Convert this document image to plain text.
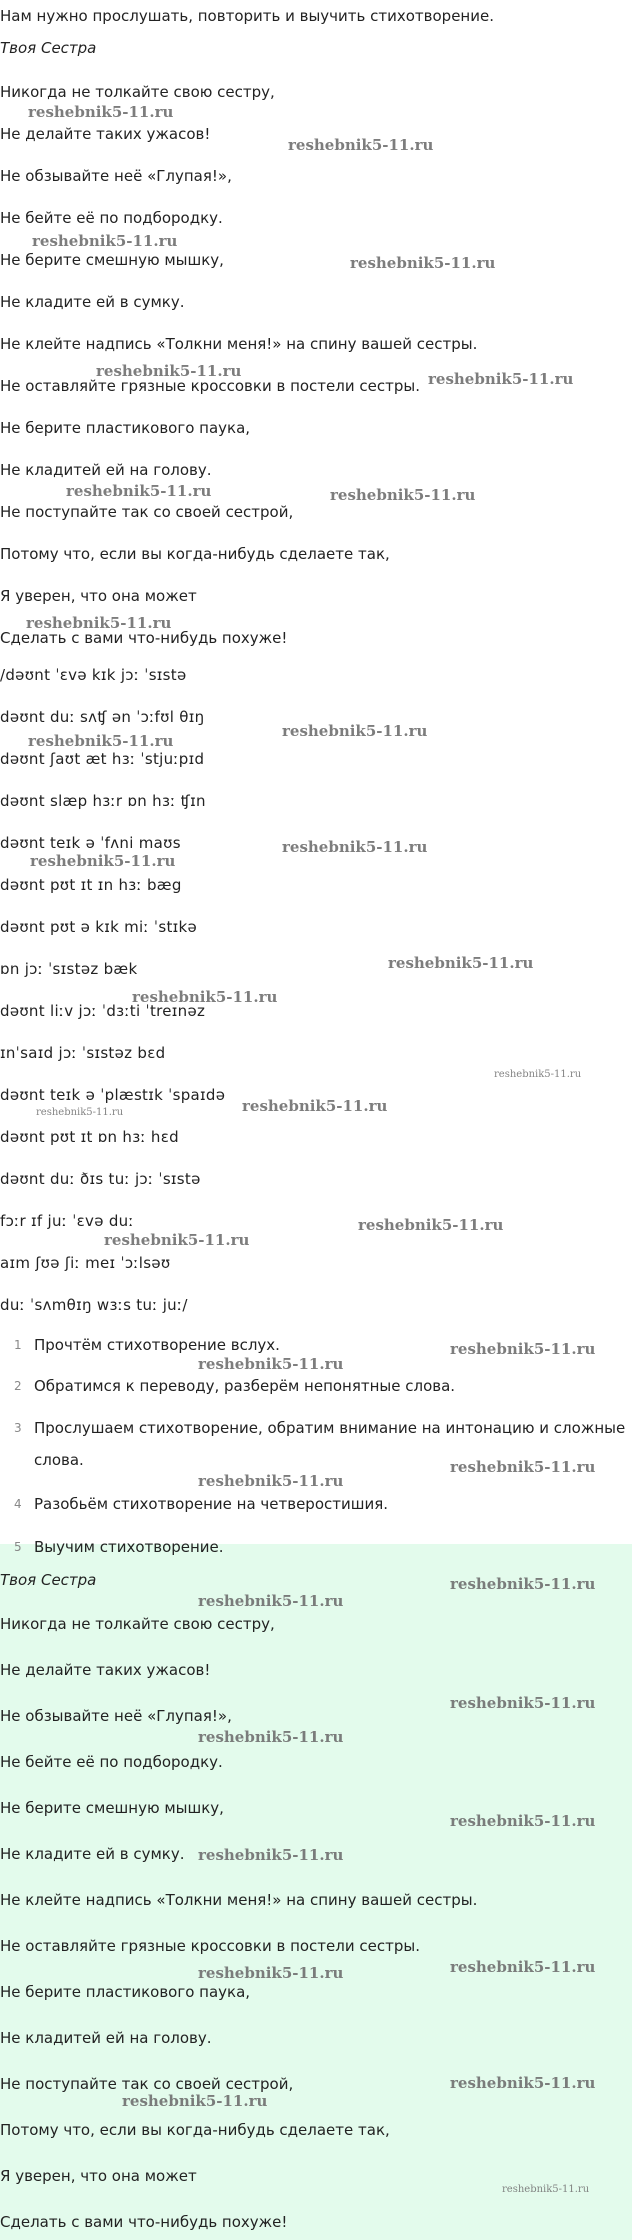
Нам нужно прослушать, повторить и выучить стихотворение.
Твоя Сестра
Никогда не толкайте свою сестру,
Не делайте таких ужасов!
Не обзывайте неё «Глупая!»,
Не бейте её по подбородку.
Не берите смешную мышку,
Не кладите ей в сумку.
Не клейте надпись «Толкни меня!» на спину вашей сестры.
Не оставляйте грязные кроссовки в постели сестры.
Не берите пластикового паука,
Не кладитей ей на голову.
Не поступайте так со своей сестрой,
Потому что, если вы когда-нибудь сделаете так,
Я уверен, что она может
Сделать с вами что-нибудь похуже!
/dəʊnt ˈɛvə kɪk jɔː ˈsɪstə
dəʊnt duː sʌʧ ən ˈɔːfʊl θɪŋ
dəʊnt ʃaʊt æt hɜː ˈstjuːpɪd
dəʊnt slæp hɜːr ɒn hɜː ʧɪn
dəʊnt teɪk ə ˈfʌni maʊs
dəʊnt pʊt ɪt ɪn hɜː bæg
dəʊnt pʊt ə kɪk miː ˈstɪkə
ɒn jɔː ˈsɪstəz bæk
dəʊnt liːv jɔː ˈdɜːti ˈtreɪnəz
ɪnˈsaɪd jɔː ˈsɪstəz bɛd
dəʊnt teɪk ə ˈplæstɪk ˈspaɪdə
dəʊnt pʊt ɪt ɒn hɜː hɛd
dəʊnt duː ðɪs tuː jɔː ˈsɪstə
fɔːr ɪf juː ˈɛvə duː
aɪm ʃʊə ʃiː meɪ ˈɔːlsəʊ
duː ˈsʌmθɪŋ wɜːs tuː juː/
1 Прочтём стихотворение вслух.
2 Обратимся к переводу, разберём непонятные слова.
3 Прослушаем стихотворение, обратим внимание на интонацию и сложные
слова.
4 Разобьём стихотворение на четверостишия.
5 Выучим стихотворение.
Твоя Сестра
Никогда не толкайте свою сестру,
Не делайте таких ужасов!
Не обзывайте неё «Глупая!»,
Не бейте её по подбородку.
Не берите смешную мышку,
Не кладите ей в сумку.
Не клейте надпись «Толкни меня!» на спину вашей сестры.
Не оставляйте грязные кроссовки в постели сестры.
Не берите пластикового паука,
Не кладитей ей на голову.
Не поступайте так со своей сестрой,
Потому что, если вы когда-нибудь сделаете так,
Я уверен, что она может
Сделать с вами что-нибудь похуже!
reshebnik5-11.ru
reshebnik5-11.ru
reshebnik5-11.ru
reshebnik5-11.ru
reshebnik5-11.ru
reshebnik5-11.ru
reshebnik5-11.ru	reshebnik5-11.ru
reshebnik5-11.ru
reshebnik5-11.ru
reshebnik5-11.ru
reshebnik5-11.ru
reshebnik5-11.ru
reshebnik5-11.ru
reshebnik5-11.ru
reshebnik5-11.ru
reshebnik5-11.ru	reshebnik5-11.ru
reshebnik5-11.ru
reshebnik5-11.ru
reshebnik5-11.ru
reshebnik5-11.ru
reshebnik5-11.ru
reshebnik5-11.ru
reshebnik5-11.ru
reshebnik5-11.ru
reshebnik5-11.ru
reshebnik5-11.ru
reshebnik5-11.ru
reshebnik5-11.ru
reshebnik5-11.ru
reshebnik5-11.ru
reshebnik5-11.ru
reshebnik5-11.ru
reshebnik5-11.ru
